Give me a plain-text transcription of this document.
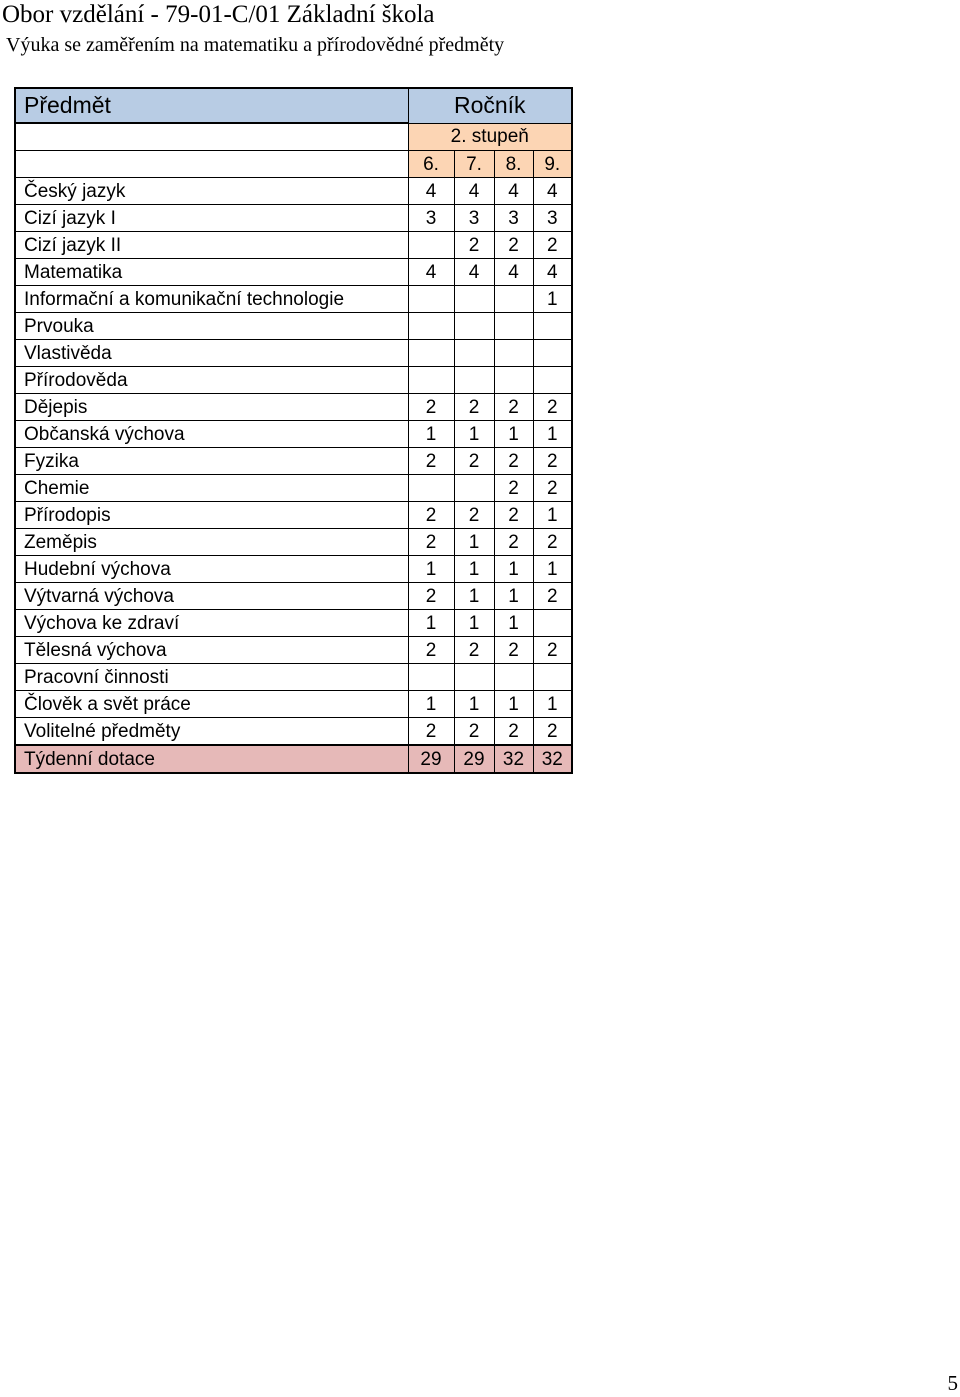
Obor vzdělání - 79-01-C/01 Základní škola
Výuka se zaměřením na matematiku a přírodovědné předměty
Předmět	Ročník			
	2. stupeň			
	6.	7.	8.	9.
Český jazyk	4	4	4	4
Cizí jazyk I	3	3	3	3
Cizí jazyk II		2	2	2
Matematika	4	4	4	4
Informační a komunikační technologie				1
Prvouka				
Vlastivěda				
Přírodověda				
Dějepis	2	2	2	2
Občanská výchova	1	1	1	1
Fyzika	2	2	2	2
Chemie			2	2
Přírodopis	2	2	2	1
Zeměpis	2	1	2	2
Hudební výchova	1	1	1	1
Výtvarná výchova	2	1	1	2
Výchova ke zdraví	1	1	1	
Tělesná výchova	2	2	2	2
Pracovní činnosti				
Člověk a svět práce	1	1	1	1
Volitelné předměty	2	2	2	2
Týdenní dotace	29	29	32	32
5
